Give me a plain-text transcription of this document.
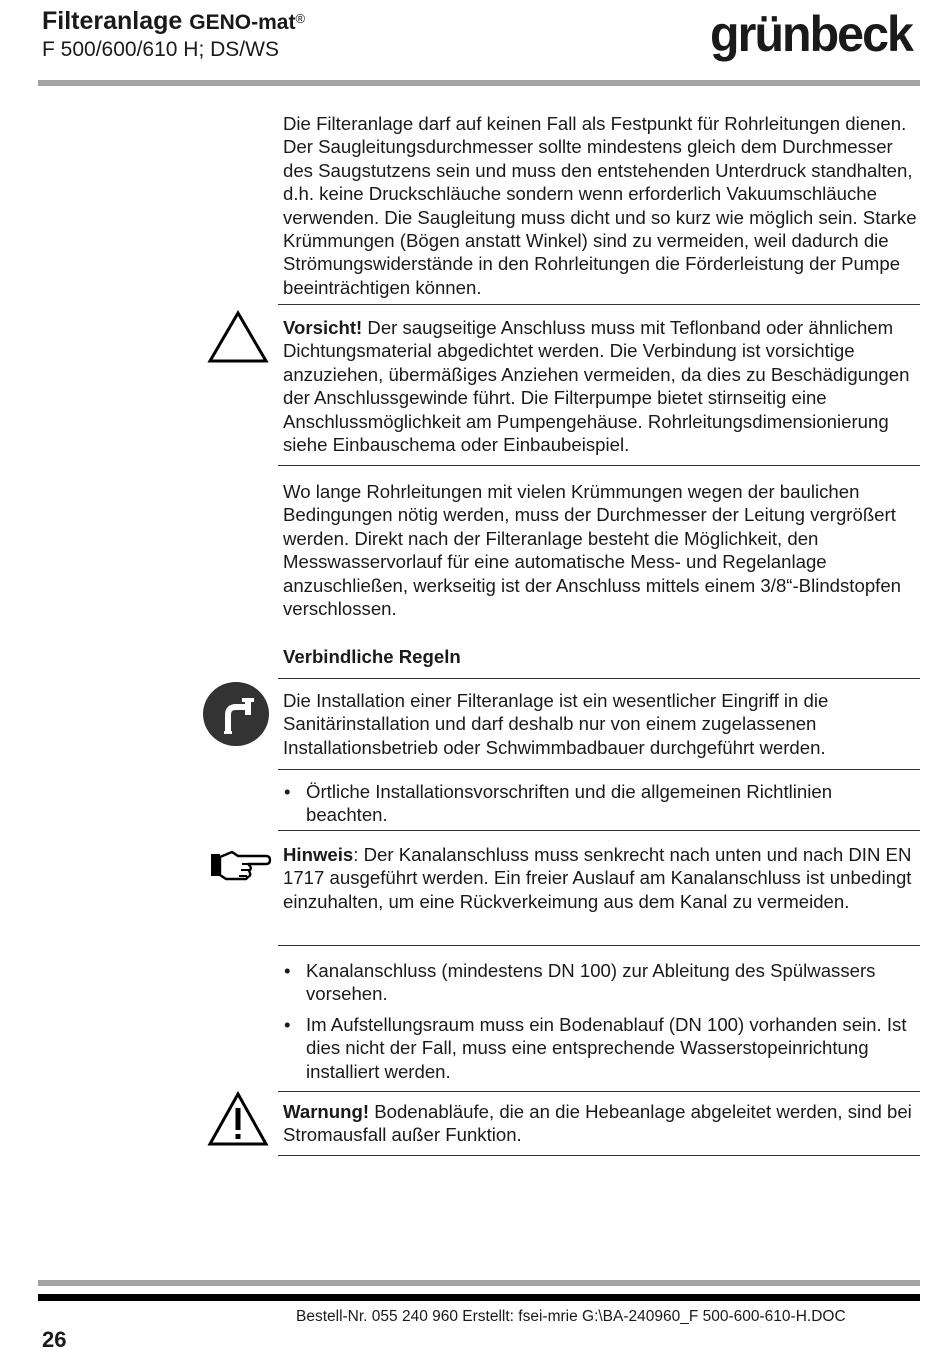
Filteranlage GENO-mat®
F 500/600/610 H; DS/WS	grünbeck

Die Filteranlage darf auf keinen Fall als Festpunkt für Rohrleitungen dienen. Der Saugleitungsdurchmesser sollte mindestens gleich dem Durchmesser des Saugstutzens sein und muss den entstehenden Unterdruck standhalten, d.h. keine Druckschläuche sondern wenn erforderlich Vakuumschläuche verwenden. Die Saugleitung muss dicht und so kurz wie möglich sein. Starke Krümmungen (Bögen anstatt Winkel) sind zu vermeiden, weil dadurch die Strömungswiderstände in den Rohrleitungen die Förderleistung der Pumpe beeinträchtigen können.

Vorsicht! Der saugseitige Anschluss muss mit Teflonband oder ähnlichem Dichtungsmaterial abgedichtet werden. Die Verbindung ist vorsichtige anzuziehen, übermäßiges Anziehen vermeiden, da dies zu Beschädigungen der Anschlussgewinde führt. Die Filterpumpe bietet stirnseitig eine Anschlussmöglichkeit am Pumpengehäuse. Rohrleitungsdimensionierung siehe Einbauschema oder Einbaubeispiel.

Wo lange Rohrleitungen mit vielen Krümmungen wegen der baulichen Bedingungen nötig werden, muss der Durchmesser der Leitung vergrößert werden. Direkt nach der Filteranlage besteht die Möglichkeit, den Messwasservorlauf für eine automatische Mess- und Regelanlage anzuschließen, werkseitig ist der Anschluss mittels einem 3/8“-Blindstopfen verschlossen.

Verbindliche Regeln

Die Installation einer Filteranlage ist ein wesentlicher Eingriff in die Sanitärinstallation und darf deshalb nur von einem zugelassenen Installationsbetrieb oder Schwimmbadbauer durchgeführt werden.

• Örtliche Installationsvorschriften und die allgemeinen Richtlinien beachten.

Hinweis: Der Kanalanschluss muss senkrecht nach unten und nach DIN EN 1717 ausgeführt werden. Ein freier Auslauf am Kanalanschluss ist unbedingt einzuhalten, um eine Rückverkeimung aus dem Kanal zu vermeiden.

• Kanalanschluss (mindestens DN 100) zur Ableitung des Spülwassers vorsehen.
• Im Aufstellungsraum muss ein Bodenablauf (DN 100) vorhanden sein. Ist dies nicht der Fall, muss eine entsprechende Wasserstopeinrichtung installiert werden.

Warnung! Bodenabläufe, die an die Hebeanlage abgeleitet werden, sind bei Stromausfall außer Funktion.

Bestell-Nr. 055 240 960 Erstellt: fsei-mrie G:\BA-240960_F 500-600-610-H.DOC
26
